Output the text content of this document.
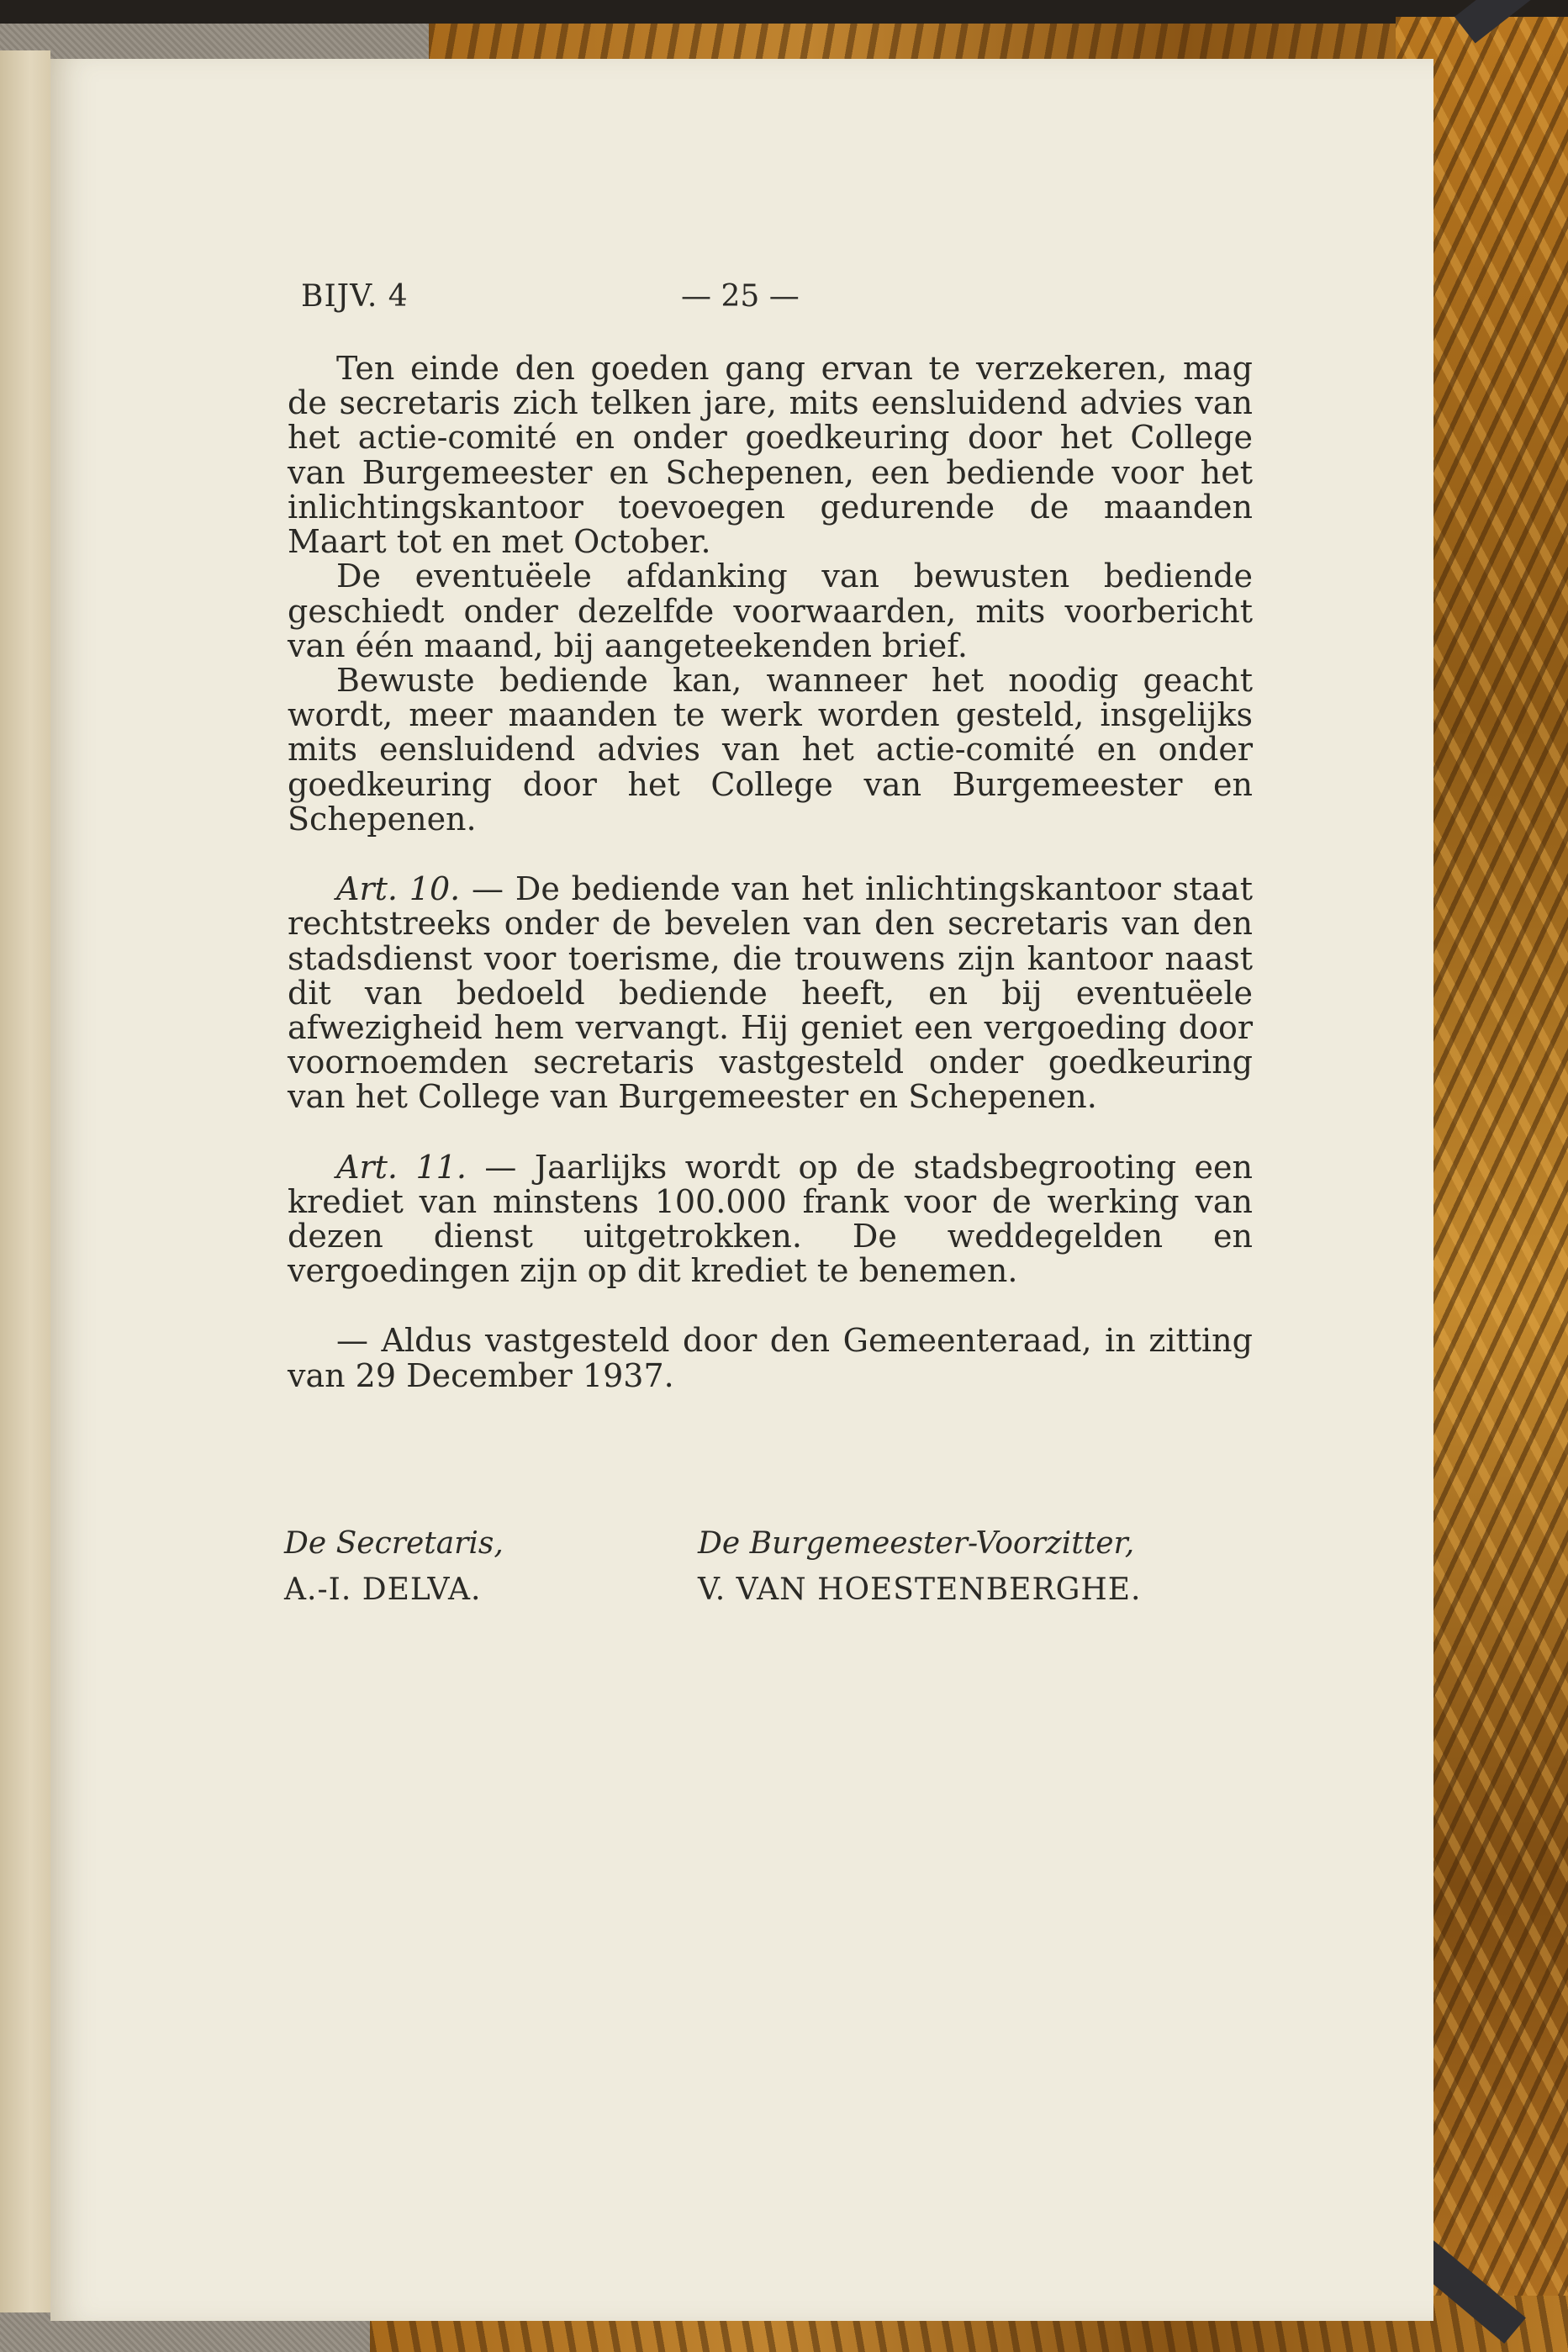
BIJV. 4	— 25 —

Ten einde den goeden gang ervan te verzekeren, mag de secretaris zich telken jare, mits eensluidend advies van het actie-comité en onder goedkeuring door het College van Burgemeester en Schepenen, een bediende voor het inlichtingskantoor toevoegen gedurende de maanden Maart tot en met October.

De eventuëele afdanking van bewusten bediende geschiedt onder dezelfde voorwaarden, mits voorbericht van één maand, bij aangeteekenden brief.

Bewuste bediende kan, wanneer het noodig geacht wordt, meer maanden te werk worden gesteld, insgelijks mits eensluidend advies van het actie-comité en onder goedkeuring door het College van Burgemeester en Schepenen.

Art. 10. — De bediende van het inlichtingskantoor staat rechtstreeks onder de bevelen van den secretaris van den stadsdienst voor toerisme, die trouwens zijn kantoor naast dit van bedoeld bediende heeft, en bij eventuëele afwezigheid hem vervangt. Hij geniet een vergoeding door voornoemden secretaris vastgesteld onder goedkeuring van het College van Burgemeester en Schepenen.

Art. 11. — Jaarlijks wordt op de stadsbegrooting een krediet van minstens 100.000 frank voor de werking van dezen dienst uitgetrokken. De weddegelden en vergoedingen zijn op dit krediet te benemen.

— Aldus vastgesteld door den Gemeenteraad, in zitting van 29 December 1937.

De Secretaris,
A.-I. DELVA.
De Burgemeester-Voorzitter,
V. VAN HOESTENBERGHE.
